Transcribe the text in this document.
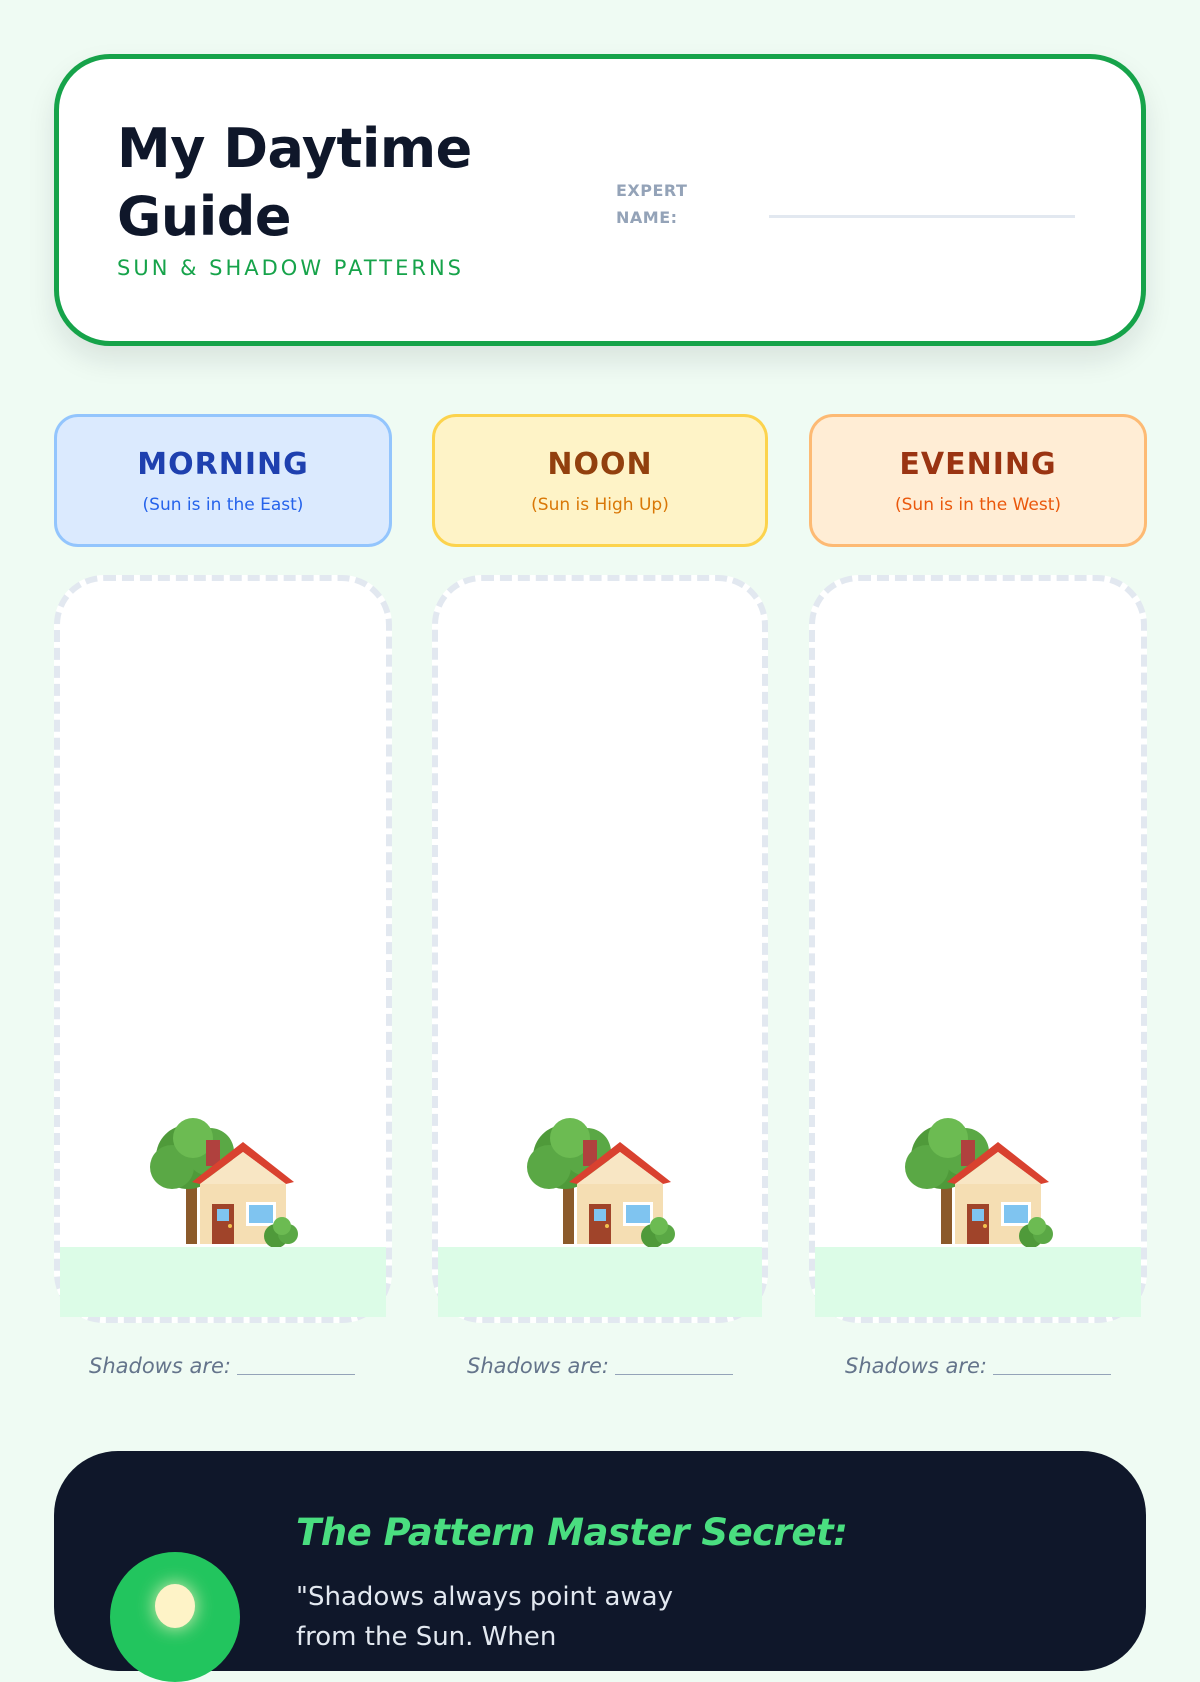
My Daytime Guide
SUN & SHADOW PATTERNS
EXPERT NAME:
MORNING
(Sun is in the East)
NOON
(Sun is High Up)
EVENING
(Sun is in the West)
Shadows are:	Shadows are:	Shadows are:
The Pattern Master Secret:
"Shadows always point away from the Sun. When
